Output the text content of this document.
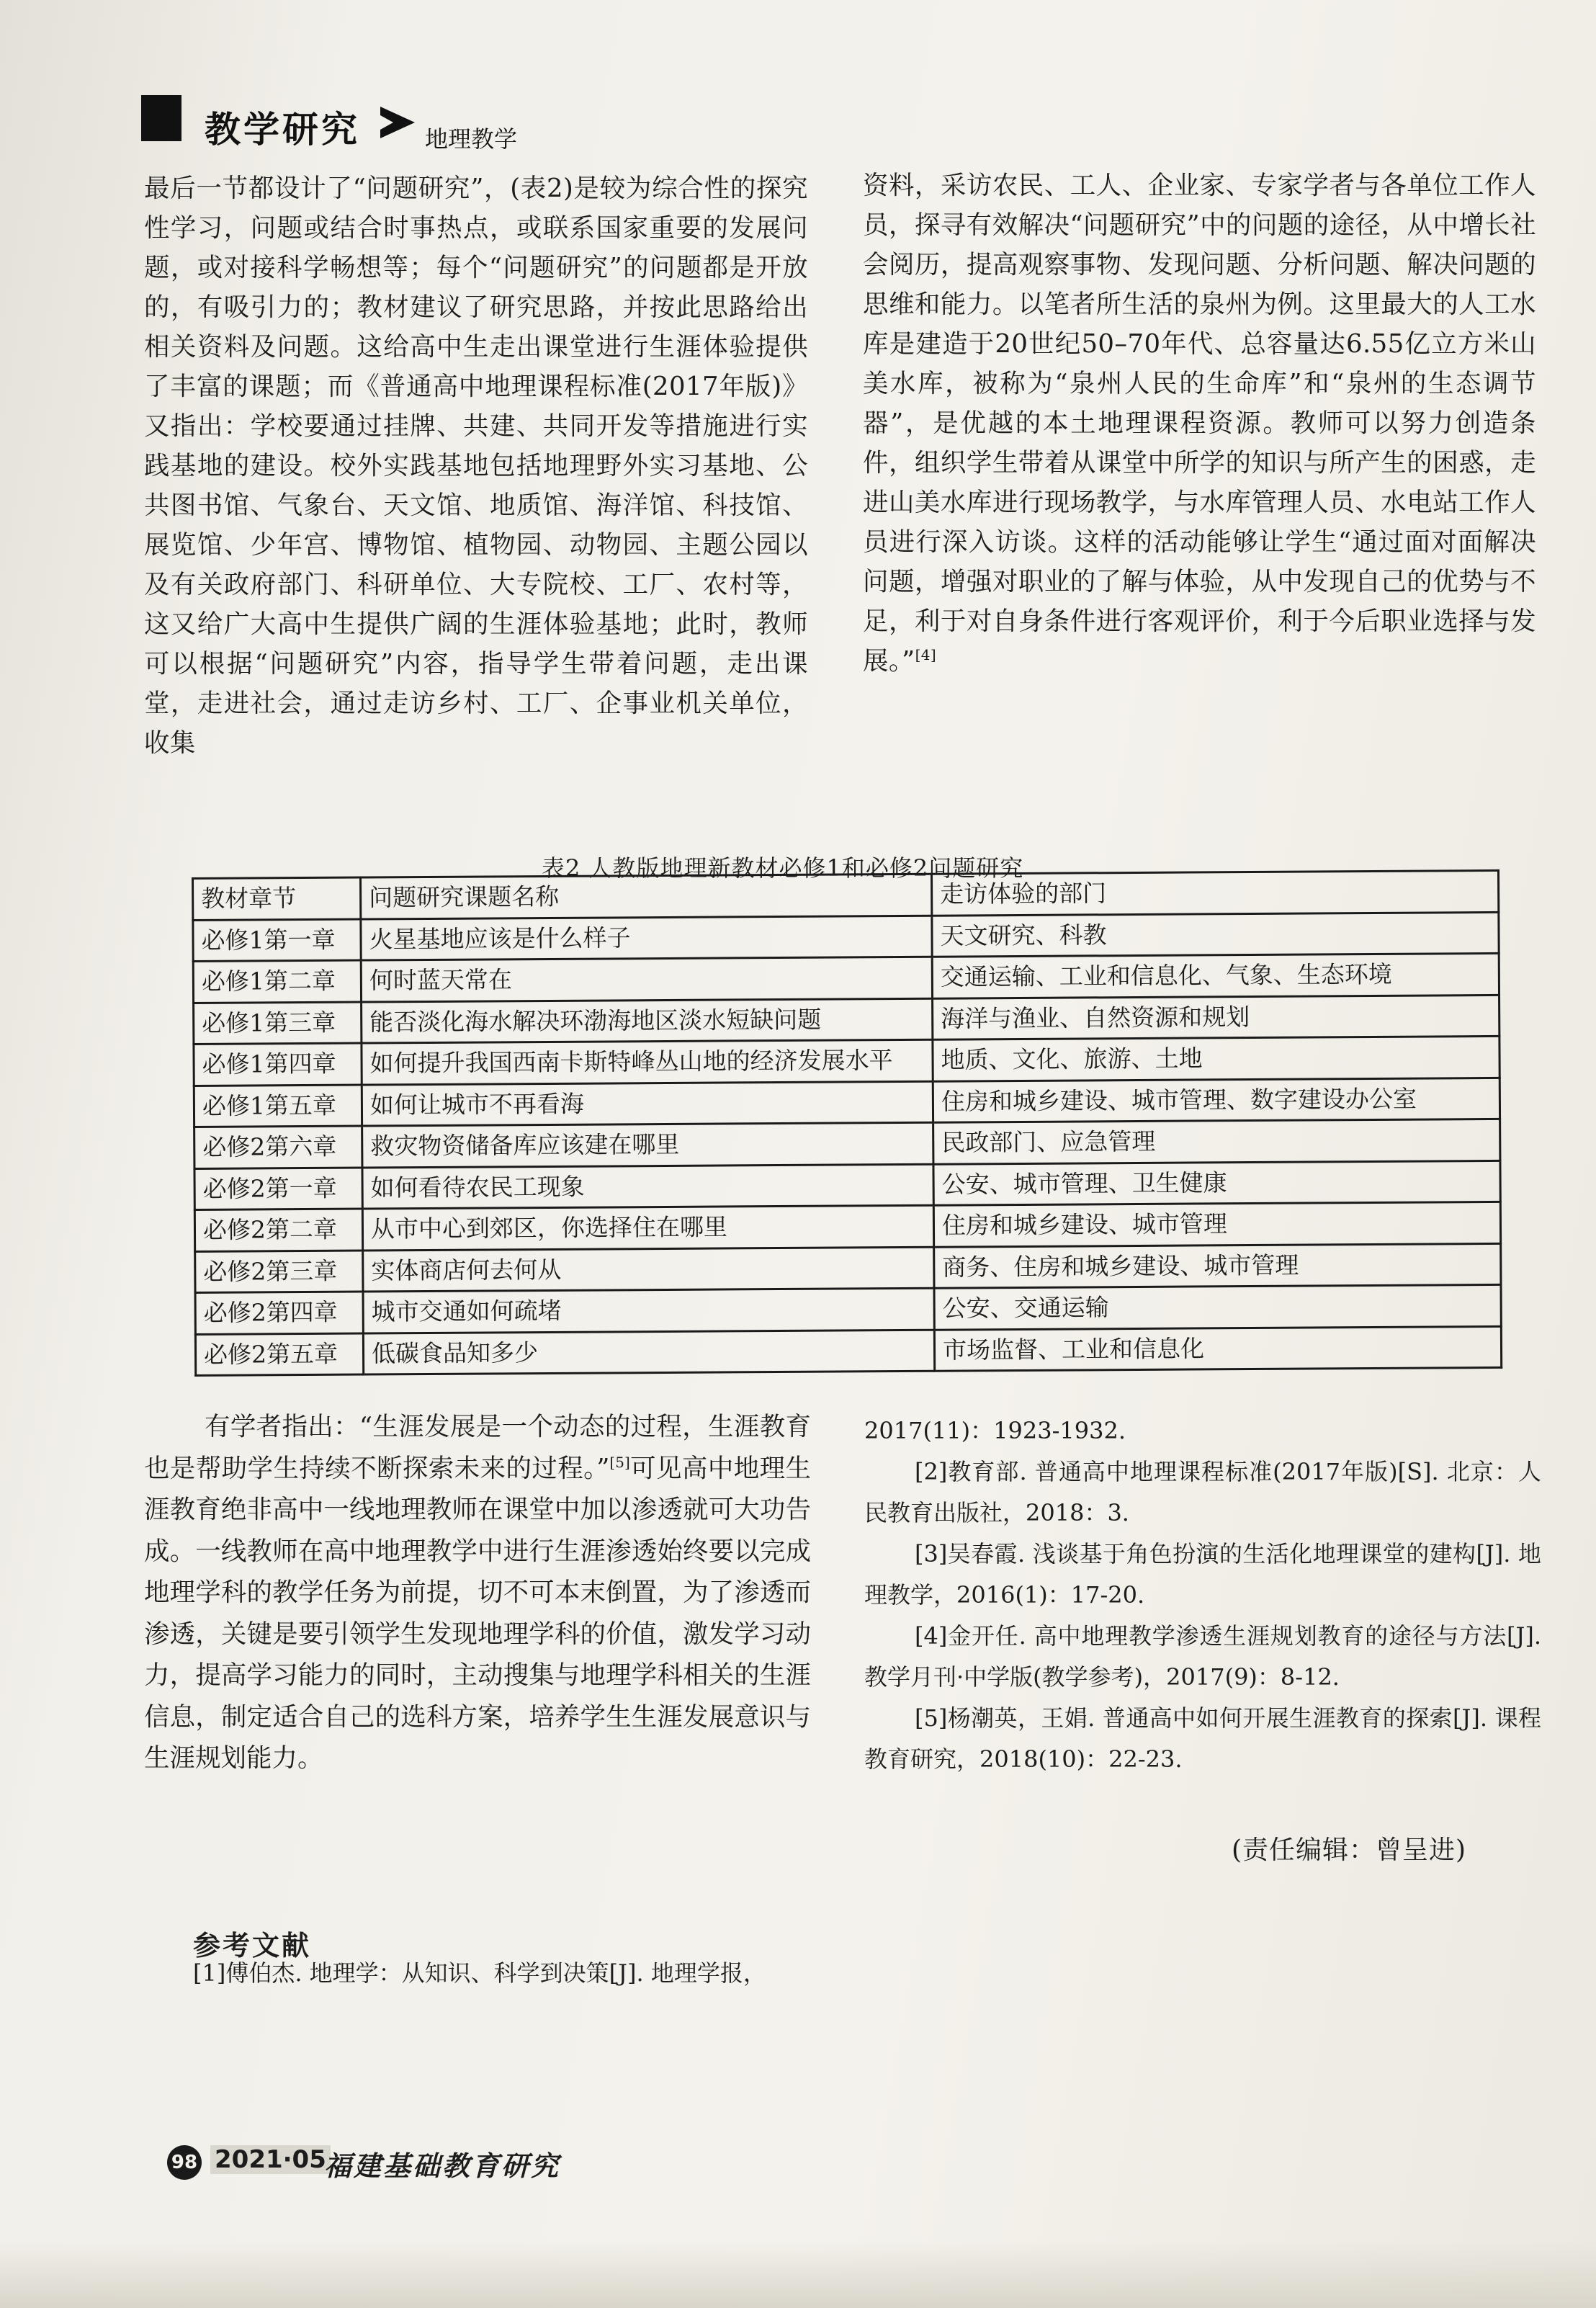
教学研究	地理教学

最后一节都设计了“问题研究”，(表2)是较为综合性的探究性学习，问题或结合时事热点，或联系国家重要的发展问题，或对接科学畅想等；每个“问题研究”的问题都是开放的，有吸引力的；教材建议了研究思路，并按此思路给出相关资料及问题。这给高中生走出课堂进行生涯体验提供了丰富的课题；而《普通高中地理课程标准(2017年版)》又指出：学校要通过挂牌、共建、共同开发等措施进行实践基地的建设。校外实践基地包括地理野外实习基地、公共图书馆、气象台、天文馆、地质馆、海洋馆、科技馆、展览馆、少年宫、博物馆、植物园、动物园、主题公园以及有关政府部门、科研单位、大专院校、工厂、农村等，这又给广大高中生提供广阔的生涯体验基地；此时，教师可以根据“问题研究”内容，指导学生带着问题，走出课堂，走进社会，通过走访乡村、工厂、企事业机关单位，收集

资料，采访农民、工人、企业家、专家学者与各单位工作人员，探寻有效解决“问题研究”中的问题的途径，从中增长社会阅历，提高观察事物、发现问题、分析问题、解决问题的思维和能力。以笔者所生活的泉州为例。这里最大的人工水库是建造于20世纪50–70年代、总容量达6.55亿立方米山美水库，被称为“泉州人民的生命库”和“泉州的生态调节器”，是优越的本土地理课程资源。教师可以努力创造条件，组织学生带着从课堂中所学的知识与所产生的困惑，走进山美水库进行现场教学，与水库管理人员、水电站工作人员进行深入访谈。这样的活动能够让学生“通过面对面解决问题，增强对职业的了解与体验，从中发现自己的优势与不足，利于对自身条件进行客观评价，利于今后职业选择与发展。”[4]

表2 人教版地理新教材必修1和必修2问题研究
教材章节	问题研究课题名称	走访体验的部门
必修1第一章	火星基地应该是什么样子	天文研究、科教
必修1第二章	何时蓝天常在	交通运输、工业和信息化、气象、生态环境
必修1第三章	能否淡化海水解决环渤海地区淡水短缺问题	海洋与渔业、自然资源和规划
必修1第四章	如何提升我国西南卡斯特峰丛山地的经济发展水平	地质、文化、旅游、土地
必修1第五章	如何让城市不再看海	住房和城乡建设、城市管理、数字建设办公室
必修2第六章	救灾物资储备库应该建在哪里	民政部门、应急管理
必修2第一章	如何看待农民工现象	公安、城市管理、卫生健康
必修2第二章	从市中心到郊区，你选择住在哪里	住房和城乡建设、城市管理
必修2第三章	实体商店何去何从	商务、住房和城乡建设、城市管理
必修2第四章	城市交通如何疏堵	公安、交通运输
必修2第五章	低碳食品知多少	市场监督、工业和信息化

有学者指出：“生涯发展是一个动态的过程，生涯教育也是帮助学生持续不断探索未来的过程。”[5]可见高中地理生涯教育绝非高中一线地理教师在课堂中加以渗透就可大功告成。一线教师在高中地理教学中进行生涯渗透始终要以完成地理学科的教学任务为前提，切不可本末倒置，为了渗透而渗透，关键是要引领学生发现地理学科的价值，激发学习动力，提高学习能力的同时，主动搜集与地理学科相关的生涯信息，制定适合自己的选科方案，培养学生生涯发展意识与生涯规划能力。

参考文献
[1]傅伯杰. 地理学：从知识、科学到决策[J]. 地理学报，

2017(11)：1923-1932.

[2]教育部. 普通高中地理课程标准(2017年版)[S]. 北京：人民教育出版社，2018：3.

[3]吴春霞. 浅谈基于角色扮演的生活化地理课堂的建构[J]. 地理教学，2016(1)：17-20.

[4]金开任. 高中地理教学渗透生涯规划教育的途径与方法[J]. 教学月刊·中学版(教学参考)，2017(9)：8-12.

[5]杨潮英，王娟. 普通高中如何开展生涯教育的探索[J]. 课程教育研究，2018(10)：22-23.

(责任编辑：曾呈进)
98 2021·05
福建基础教育研究
